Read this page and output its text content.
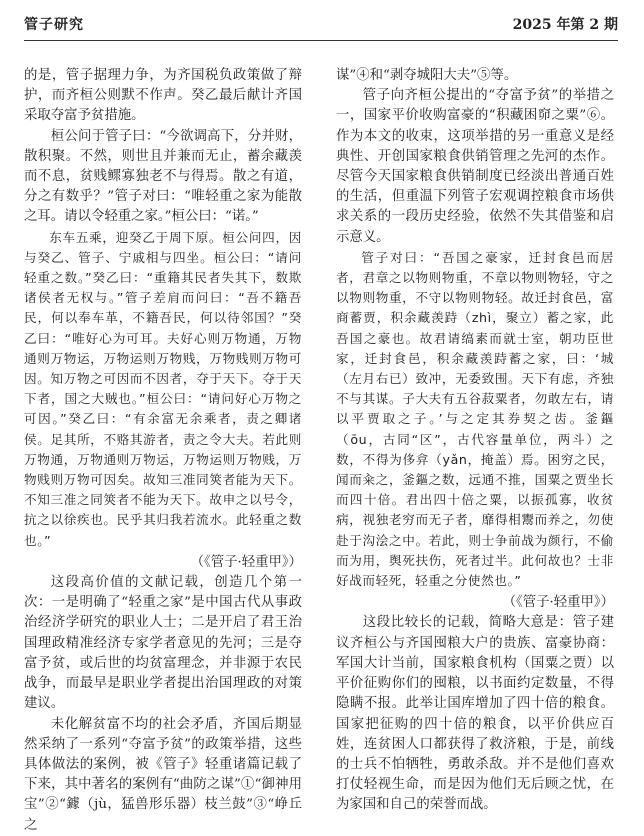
管子研究	2025 年第 2 期

的是，管子据理力争，为齐国税负政策做了辩护，而齐桓公则默不作声。癸乙最后献计齐国采取夺富予贫措施。

桓公问于管子曰：“今欲调高下，分并财，散积聚。不然，则世且并兼而无止，蓄余藏羡而不息，贫贱鳏寡独老不与得焉。散之有道，分之有数乎？”管子对曰：“唯轻重之家为能散之耳。请以令轻重之家。”桓公曰：“诺。”

东车五乘，迎癸乙于周下原。桓公问四，因与癸乙、管子、宁戚相与四坐。桓公曰：“请问轻重之数。”癸乙曰：“重籍其民者失其下，数欺诸侯者无权与。”管子差肩而问曰：“吾不籍吾民，何以奉车革，不籍吾民，何以待邻国？”癸乙曰：“唯好心为可耳。夫好心则万物通，万物通则万物运，万物运则万物贱，万物贱则万物可因。知万物之可因而不因者，夺于天下。夺于天下者，国之大贼也。”桓公曰：“请问好心万物之可因。”癸乙曰：“有余富无余乘者，责之卿诸侯。足其所，不赂其游者，责之令大夫。若此则万物通，万物通则万物运，万物运则万物贱，万物贱则万物可因矣。故知三准同筴者能为天下。不知三准之同筴者不能为天下。故申之以号令，抗之以徐疾也。民乎其归我若流水。此轻重之数也。”

（《管子·轻重甲》）

这段高价值的文献记载，创造几个第一次：一是明确了“轻重之家”是中国古代从事政治经济学研究的职业人士；二是开启了君王治国理政精准经济专家学者意见的先河；三是夺富予贫，或后世的均贫富理念，并非源于农民战争，而最早是职业学者提出治国理政的对策建议。

未化解贫富不均的社会矛盾，齐国后期显然采纳了一系列“夺富予贫”的政策举措，这些具体做法的案例，被《管子》轻重诸篇记载了下来，其中著名的案例有“曲防之谋”①“御神用宝”②“鐻（jù，猛兽形乐器）枝兰鼓”③“峥丘之

谋”④和“剥夺城阳大夫”⑤等。

管子向齐桓公提出的“夺富予贫”的举措之一，国家平价收购富豪的“积藏困窌之粟”⑥。作为本文的收束，这项举措的另一重意义是经典性、开创国家粮食供销管理之先河的杰作。尽管今天国家粮食供销制度已经淡出普通百姓的生活，但重温下列管子宏观调控粮食市场供求关系的一段历史经验，依然不失其借鉴和启示意义。

管子对曰：“吾国之豪家，迁封食邑而居者，君章之以物则物重，不章以物则物轻，守之以物则物重，不守以物则物轻。故迁封食邑，富商蓄贾，积余藏羡跱（zhì，聚立）蓄之家，此吾国之豪也。故君请缟素而就士室，朝功臣世家，迁封食邑，积余藏羡跱蓄之家，曰：‘城（左月右已）致冲，无委致围。天下有虑，齐独不与其谋。子大夫有五谷菽粟者，勿敢左右，请以平贾取之子。’与之定其券契之齿。釜鏂（ōu，古同“区”，古代容量单位，两斗）之数，不得为侈弇（yǎn，掩盖）焉。困穷之民，闻而籴之，釜鏂之数，远通不推，国粟之贾坐长而四十倍。君出四十倍之粟，以振孤寡，收贫病，视独老穷而无子者，靡得相鬻而养之，勿使赴于沟浍之中。若此，则士争前战为颜行，不偷而为用，舆死扶伤，死者过半。此何故也？士非好战而轻死，轻重之分使然也。”

（《管子·轻重甲》）

这段比较长的记载，简略大意是：管子建议齐桓公与齐国囤粮大户的贵族、富豪协商：军国大计当前，国家粮食机构（国粟之贾）以平价征购你们的囤粮，以书面约定数量，不得隐瞒不报。此举让国库增加了四十倍的粮食。国家把征购的四十倍的粮食，以平价供应百姓，连贫困人口都获得了救济粮，于是，前线的士兵不怕牺牲，勇敢杀敌。并不是他们喜欢打仗轻视生命，而是因为他们无后顾之忧，在为家国和自己的荣誉而战。
